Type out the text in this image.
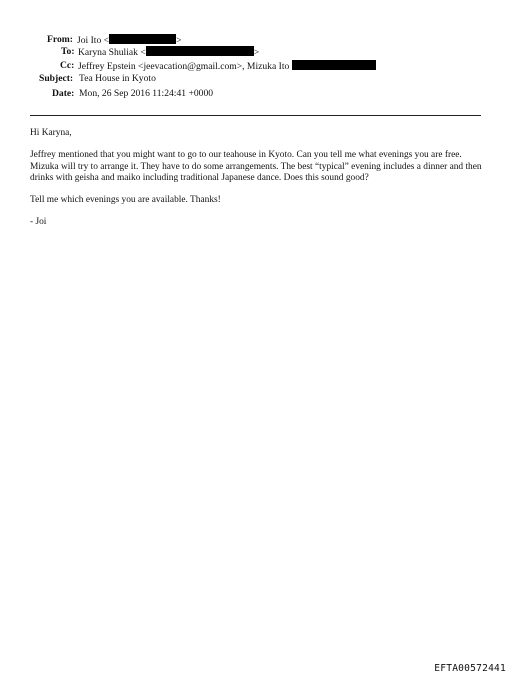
From: Joi Ito <	>
To: Karyna Shuliak <	>
Cc: Jeffrey Epstein <jeevacation@gmail.com>, Mizuka Ito
Subject: Tea House in Kyoto
Date: Mon, 26 Sep 2016 11:24:41 +0000

Hi Karyna,

Jeffrey mentioned that you might want to go to our teahouse in Kyoto. Can you tell me what evenings you are free. Mizuka will try to arrange it. They have to do some arrangements. The best “typical” evening includes a dinner and then drinks with geisha and maiko including traditional Japanese dance. Does this sound good?

Tell me which evenings you are available. Thanks!

- Joi

EFTA00572441
